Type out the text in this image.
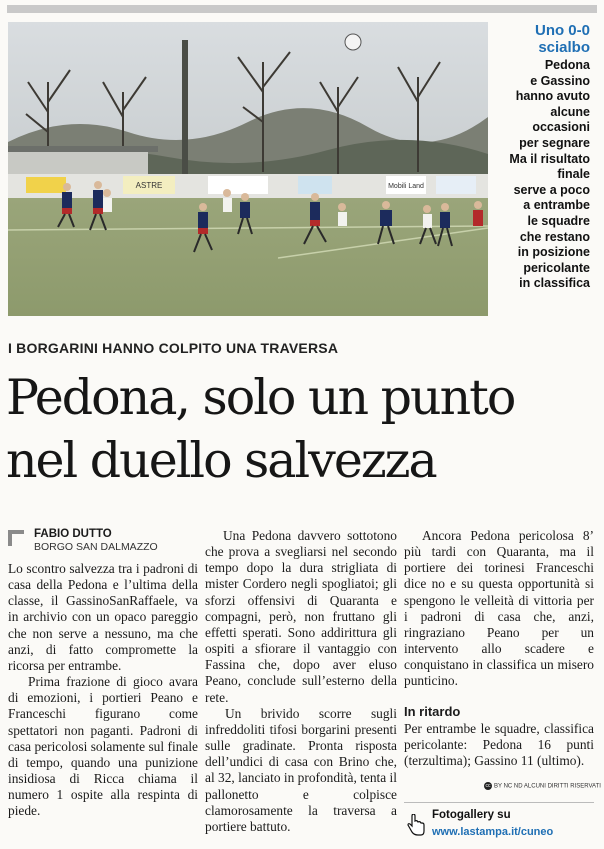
ASTRE	Mobili Land
Uno 0-0
scialbo
Pedona
e Gassino
hanno avuto
alcune
occasioni
per segnare
Ma il risultato
finale
serve a poco
a entrambe
le squadre
che restano
in posizione
pericolante
in classifica
I BORGARINI HANNO COLPITO UNA TRAVERSA
Pedona, solo un punto
nel duello salvezza
FABIO DUTTO
BORGO SAN DALMAZZO

Lo scontro salvezza tra i padroni di casa della Pedona e l’ultima della classe, il GassinoSanRaffaele, va in archivio con un opaco pareggio che non serve a nessuno, ma che anzi, di fatto compromette la ricorsa per entrambe.

Prima frazione di gioco avara di emozioni, i portieri Peano e Franceschi figurano come spettatori non paganti. Padroni di casa pericolosi solamente sul finale di tempo, quando una punizione insidiosa di Ricca chiama il numero 1 ospite alla respinta di piede.

Una Pedona davvero sottotono che prova a svegliarsi nel secondo tempo dopo la dura strigliata di mister Cordero negli spogliatoi; gli sforzi offensivi di Quaranta e compagni, però, non fruttano gli effetti sperati. Sono addirittura gli ospiti a sfiorare il vantaggio con Fassina che, dopo aver eluso Peano, conclude sull’esterno della rete.

Un brivido scorre sugli infreddoliti tifosi borgarini presenti sulle gradinate. Pronta risposta dell’undici di casa con Brino che, al 32, lanciato in profondità, tenta il pallonetto e colpisce clamorosamente la traversa a portiere battuto.

Ancora Pedona pericolosa 8’ più tardi con Quaranta, ma il portiere dei torinesi Franceschi dice no e su questa opportunità si spengono le velleità di vittoria per i padroni di casa che, anzi, ringraziano Peano per un intervento allo scadere e conquistano in classifica un misero punticino.

In ritardo

Per entrambe le squadre, classifica pericolante: Pedona 16 punti (terzultima); Gassino 11 (ultimo).

cc BY NC ND ALCUNI DIRITTI RISERVATI
Fotogallery su
www.lastampa.it/cuneo
